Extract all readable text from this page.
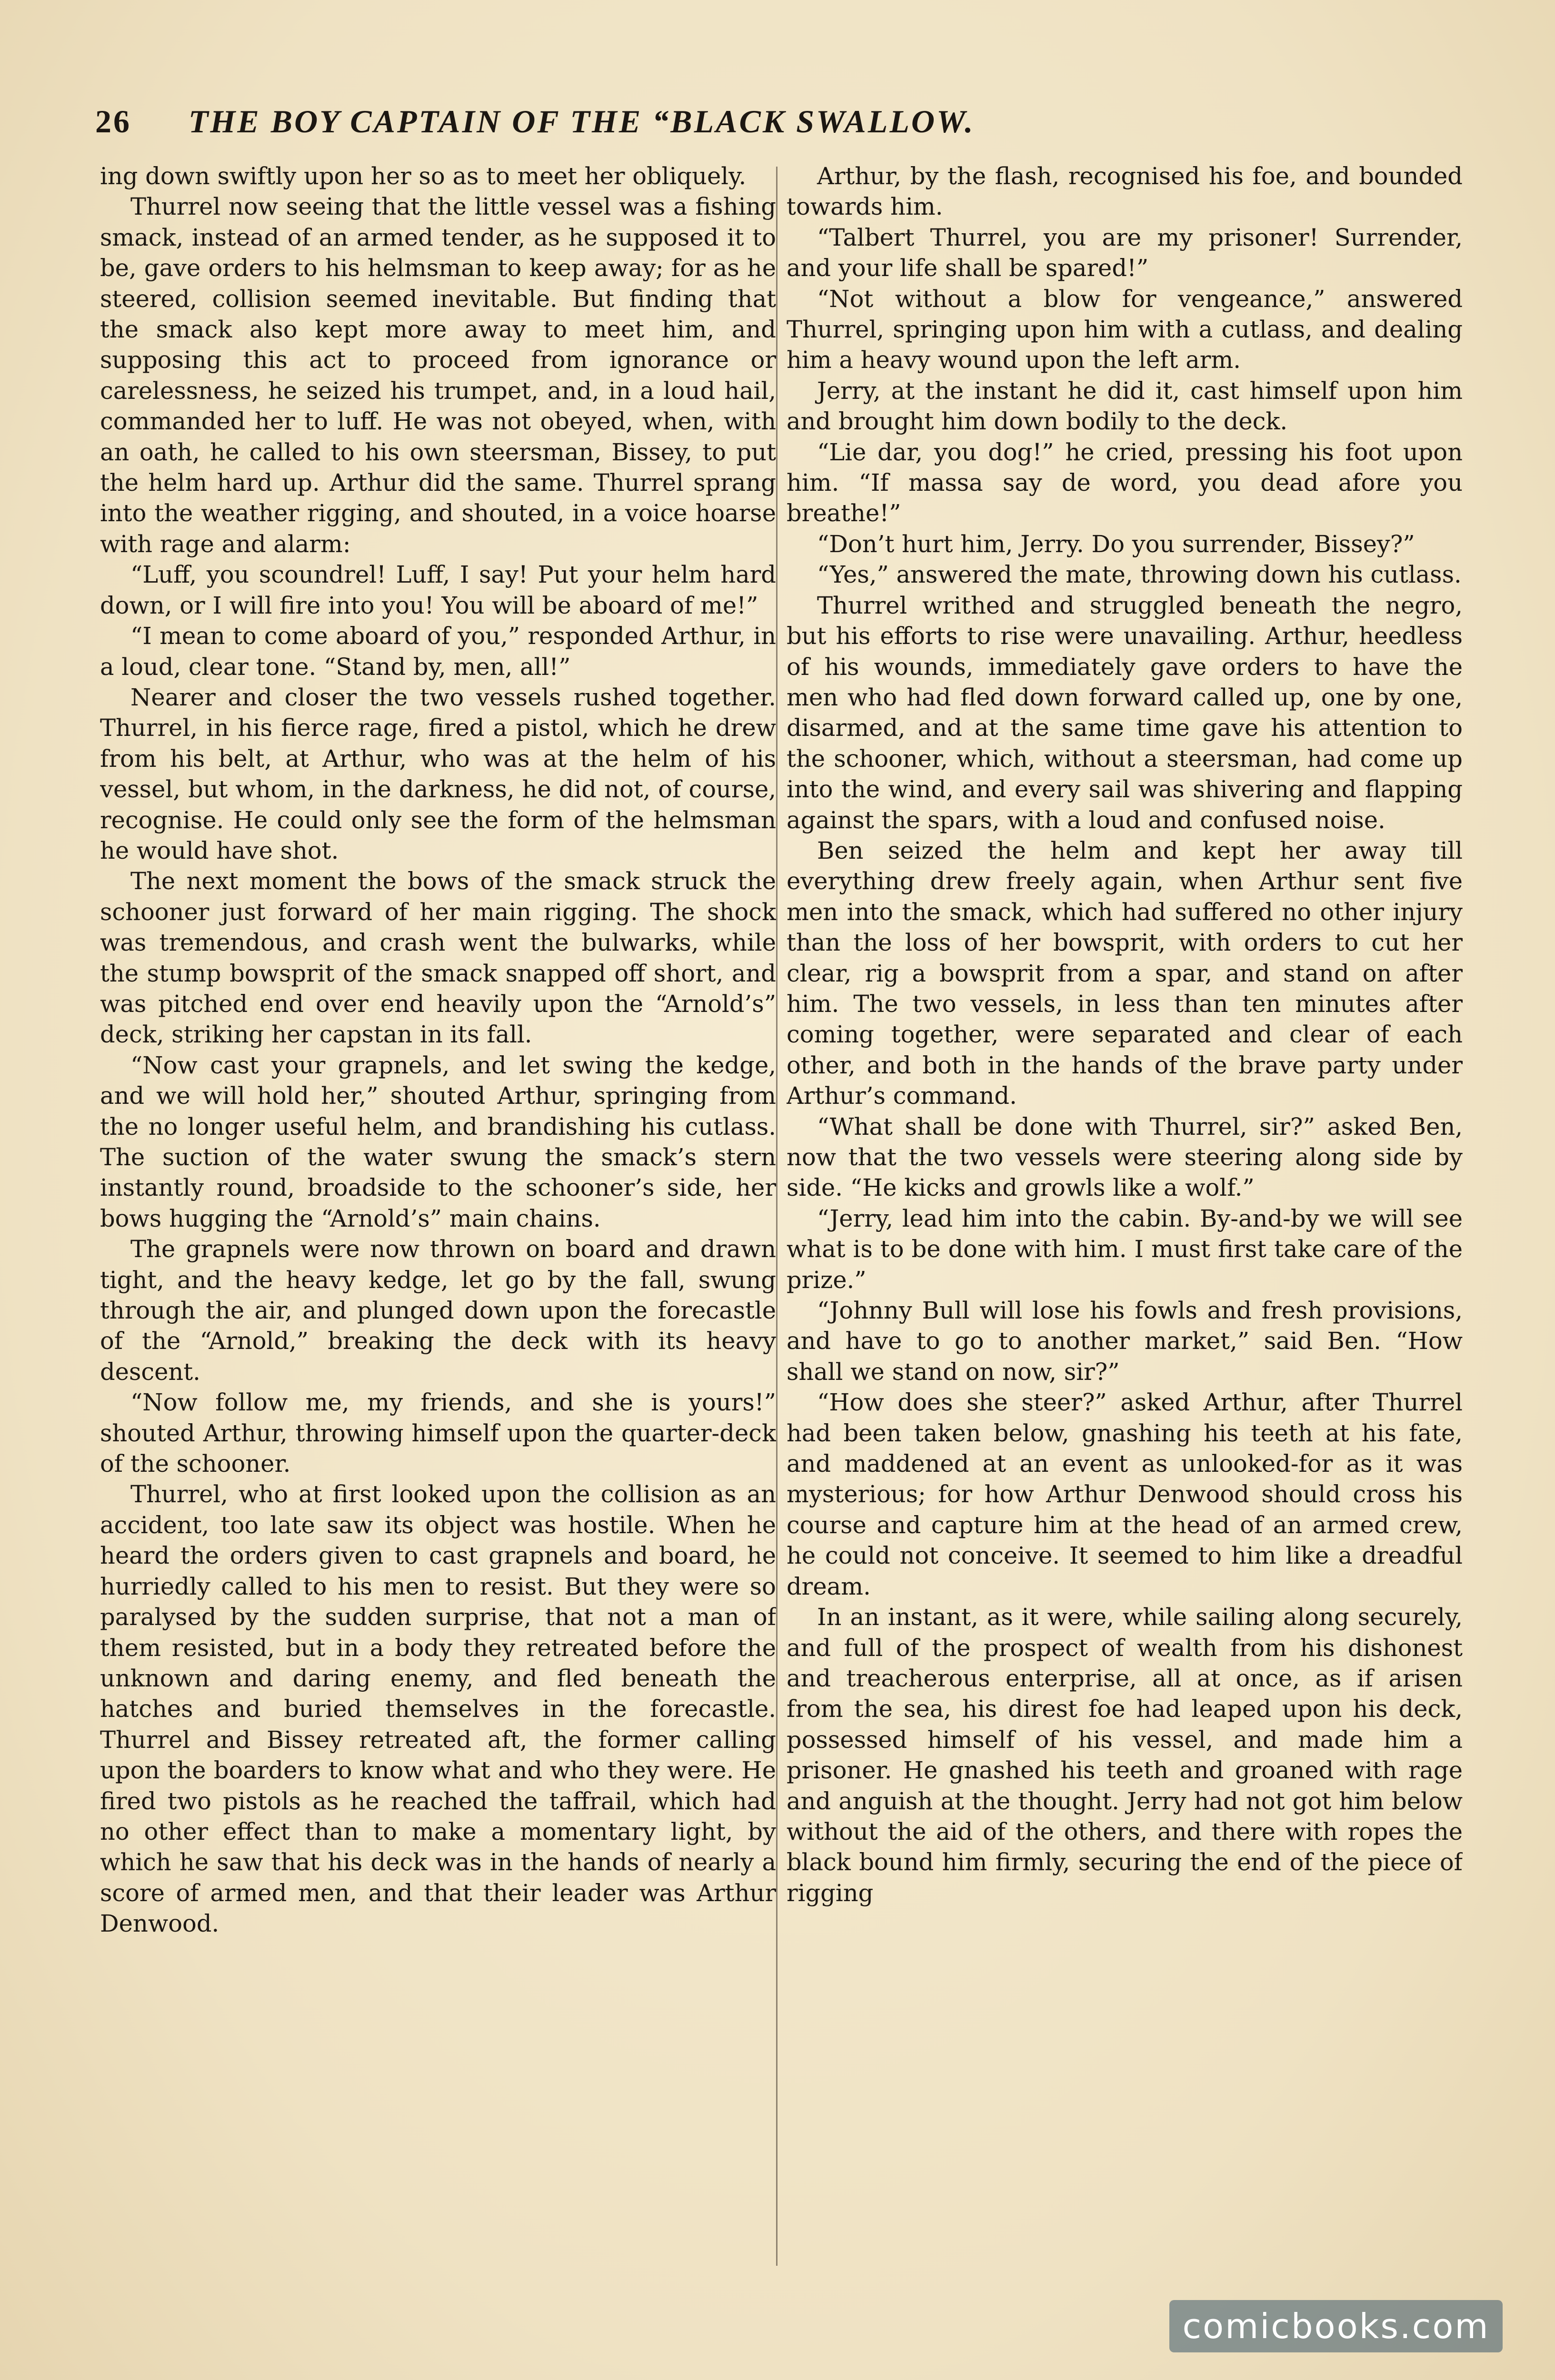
26 THE BOY CAPTAIN OF THE “BLACK SWALLOW.

ing down swiftly upon her so as to meet her obliquely.

Thurrel now seeing that the little vessel was a fishing smack, instead of an armed tender, as he supposed it to be, gave orders to his helmsman to keep away; for as he steered, collision seemed inevitable. But finding that the smack also kept more away to meet him, and supposing this act to proceed from ignorance or carelessness, he seized his trumpet, and, in a loud hail, commanded her to luff. He was not obeyed, when, with an oath, he called to his own steersman, Bissey, to put the helm hard up. Arthur did the same. Thurrel sprang into the weather rigging, and shouted, in a voice hoarse with rage and alarm:

“Luff, you scoundrel! Luff, I say! Put your helm hard down, or I will fire into you! You will be aboard of me!”

“I mean to come aboard of you,” responded Arthur, in a loud, clear tone. “Stand by, men, all!”

Nearer and closer the two vessels rushed together. Thurrel, in his fierce rage, fired a pistol, which he drew from his belt, at Arthur, who was at the helm of his vessel, but whom, in the darkness, he did not, of course, recognise. He could only see the form of the helmsman he would have shot.

The next moment the bows of the smack struck the schooner just forward of her main rigging. The shock was tremendous, and crash went the bulwarks, while the stump bowsprit of the smack snapped off short, and was pitched end over end heavily upon the “Arnold’s” deck, striking her capstan in its fall.

“Now cast your grapnels, and let swing the kedge, and we will hold her,” shouted Arthur, springing from the no longer useful helm, and brandishing his cutlass. The suction of the water swung the smack’s stern instantly round, broadside to the schooner’s side, her bows hugging the “Arnold’s” main chains.

The grapnels were now thrown on board and drawn tight, and the heavy kedge, let go by the fall, swung through the air, and plunged down upon the forecastle of the “Arnold,” breaking the deck with its heavy descent.

“Now follow me, my friends, and she is yours!” shouted Arthur, throwing himself upon the quarter-deck of the schooner.

Thurrel, who at first looked upon the collision as an accident, too late saw its object was hostile. When he heard the orders given to cast grapnels and board, he hurriedly called to his men to resist. But they were so paralysed by the sudden surprise, that not a man of them resisted, but in a body they retreated before the unknown and daring enemy, and fled beneath the hatches and buried themselves in the forecastle. Thurrel and Bissey retreated aft, the former calling upon the boarders to know what and who they were. He fired two pistols as he reached the taffrail, which had no other effect than to make a momentary light, by which he saw that his deck was in the hands of nearly a score of armed men, and that their leader was Arthur Denwood.

Arthur, by the flash, recognised his foe, and bounded towards him.

“Talbert Thurrel, you are my prisoner! Surrender, and your life shall be spared!”

“Not without a blow for vengeance,” answered Thurrel, springing upon him with a cutlass, and dealing him a heavy wound upon the left arm.

Jerry, at the instant he did it, cast himself upon him and brought him down bodily to the deck.

“Lie dar, you dog!” he cried, pressing his foot upon him. “If massa say de word, you dead afore you breathe!”

“Don’t hurt him, Jerry. Do you surrender, Bissey?”

“Yes,” answered the mate, throwing down his cutlass.

Thurrel writhed and struggled beneath the negro, but his efforts to rise were unavailing. Arthur, heedless of his wounds, immediately gave orders to have the men who had fled down forward called up, one by one, disarmed, and at the same time gave his attention to the schooner, which, without a steersman, had come up into the wind, and every sail was shivering and flapping against the spars, with a loud and confused noise.

Ben seized the helm and kept her away till everything drew freely again, when Arthur sent five men into the smack, which had suffered no other injury than the loss of her bowsprit, with orders to cut her clear, rig a bowsprit from a spar, and stand on after him. The two vessels, in less than ten minutes after coming together, were separated and clear of each other, and both in the hands of the brave party under Arthur’s command.

“What shall be done with Thurrel, sir?” asked Ben, now that the two vessels were steering along side by side. “He kicks and growls like a wolf.”

“Jerry, lead him into the cabin. By-and-by we will see what is to be done with him. I must first take care of the prize.”

“Johnny Bull will lose his fowls and fresh provisions, and have to go to another market,” said Ben. “How shall we stand on now, sir?”

“How does she steer?” asked Arthur, after Thurrel had been taken below, gnashing his teeth at his fate, and maddened at an event as unlooked-for as it was mysterious; for how Arthur Denwood should cross his course and capture him at the head of an armed crew, he could not conceive. It seemed to him like a dreadful dream.

In an instant, as it were, while sailing along securely, and full of the prospect of wealth from his dishonest and treacherous enterprise, all at once, as if arisen from the sea, his direst foe had leaped upon his deck, possessed himself of his vessel, and made him a prisoner. He gnashed his teeth and groaned with rage and anguish at the thought. Jerry had not got him below without the aid of the others, and there with ropes the black bound him firmly, securing the end of the piece of rigging

comicbooks.com
